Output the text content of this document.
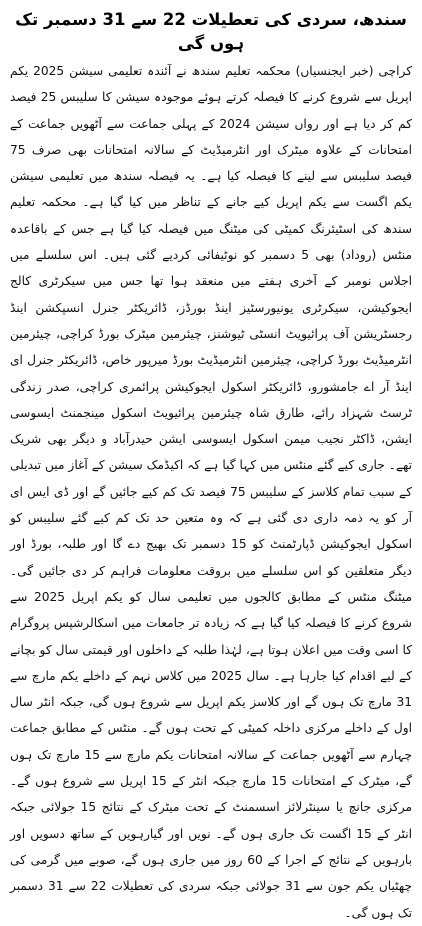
سندھ، سردی کی تعطیلات 22 سے 31 دسمبر تک ہوں گی

کراچی (خبر ایجنسیاں) محکمہ تعلیم سندھ نے آئندہ تعلیمی سیشن 2025 یکم اپریل سے شروع کرنے کا فیصلہ کرتے ہوئے موجودہ سیشن کا سلیبس 25 فیصد کم کر دیا ہے اور رواں سیشن 2024 کے پہلی جماعت سے آٹھویں جماعت کے امتحانات کے علاوہ میٹرک اور انٹرمیڈیٹ کے سالانہ امتحانات بھی صرف 75 فیصد سلیبس سے لینے کا فیصلہ کیا ہے۔ یہ فیصلہ سندھ میں تعلیمی سیشن یکم اگست سے یکم اپریل کیے جانے کے تناظر میں کیا گیا ہے۔ محکمہ تعلیم سندھ کی اسٹیئرنگ کمیٹی کی میٹنگ میں فیصلہ کیا گیا ہے جس کے باقاعدہ منٹس (روداد) بھی 5 دسمبر کو نوٹیفائی کردیے گئی ہیں۔ اس سلسلے میں اجلاس نومبر کے آخری ہفتے میں منعقد ہوا تھا جس میں سیکرٹری کالج ایجوکیشن، سیکرٹری یونیورسٹیز اینڈ بورڈز، ڈائریکٹر جنرل انسپکشن اینڈ رجسٹریشن آف پرائیویٹ انسٹی ٹیوشنز، چیئرمین میٹرک بورڈ کراچی، چیئرمین انٹرمیڈیٹ بورڈ کراچی، چیئرمین انٹرمیڈیٹ بورڈ میرپور خاص، ڈائریکٹر جنرل ای اینڈ آر اے جامشورو، ڈائریکٹر اسکول ایجوکیشن پرائمری کراچی، صدر زندگی ٹرسٹ شہزاد رائے، طارق شاہ چیئرمین پرائیویٹ اسکول مینجمنٹ ایسوسی ایشن، ڈاکٹر نجیب میمن اسکول ایسوسی ایشن حیدرآباد و دیگر بھی شریک تھے۔ جاری کیے گئے منٹس میں کہا گیا ہے کہ اکیڈمک سیشن کے آغاز میں تبدیلی کے سبب تمام کلاسز کے سلیبس 75 فیصد تک کم کیے جائیں گے اور ڈی ایس ای آر کو یہ ذمہ داری دی گئی ہے کہ وہ متعین حد تک کم کیے گئے سلیبس کو اسکول ایجوکیشن ڈپارٹمنٹ کو 15 دسمبر تک بھیج دے گا اور طلبہ، بورڈ اور دیگر متعلقین کو اس سلسلے میں بروقت معلومات فراہم کر دی جائیں گی۔ میٹنگ منٹس کے مطابق کالجوں میں تعلیمی سال کو یکم اپریل 2025 سے شروع کرنے کا فیصلہ کیا گیا ہے کہ زیادہ تر جامعات میں اسکالرشپس پروگرام کا اسی وقت میں اعلان ہوتا ہے، لہٰذا طلبہ کے داخلوں اور قیمتی سال کو بچانے کے لیے اقدام کیا جارہا ہے۔ سال 2025 میں کلاس نہم کے داخلے یکم مارچ سے 31 مارچ تک ہوں گے اور کلاسز یکم اپریل سے شروع ہوں گی، جبکہ انٹر سال اول کے داخلے مرکزی داخلہ کمیٹی کے تحت ہوں گے۔ منٹس کے مطابق جماعت چہارم سے آٹھویں جماعت کے سالانہ امتحانات یکم مارچ سے 15 مارچ تک ہوں گے، میٹرک کے امتحانات 15 مارچ جبکہ انٹر کے 15 اپریل سے شروع ہوں گے۔ مرکزی جانچ یا سینٹرلائز اسسمنٹ کے تحت میٹرک کے نتائج 15 جولائی جبکہ انٹر کے 15 اگست تک جاری ہوں گے۔ نویں اور گیارہویں کے ساتھ دسویں اور بارہویں کے نتائج کے اجرا کے 60 روز میں جاری ہوں گے، صوبے میں گرمی کی چھٹیاں یکم جون سے 31 جولائی جبکہ سردی کی تعطیلات 22 سے 31 دسمبر تک ہوں گی۔
